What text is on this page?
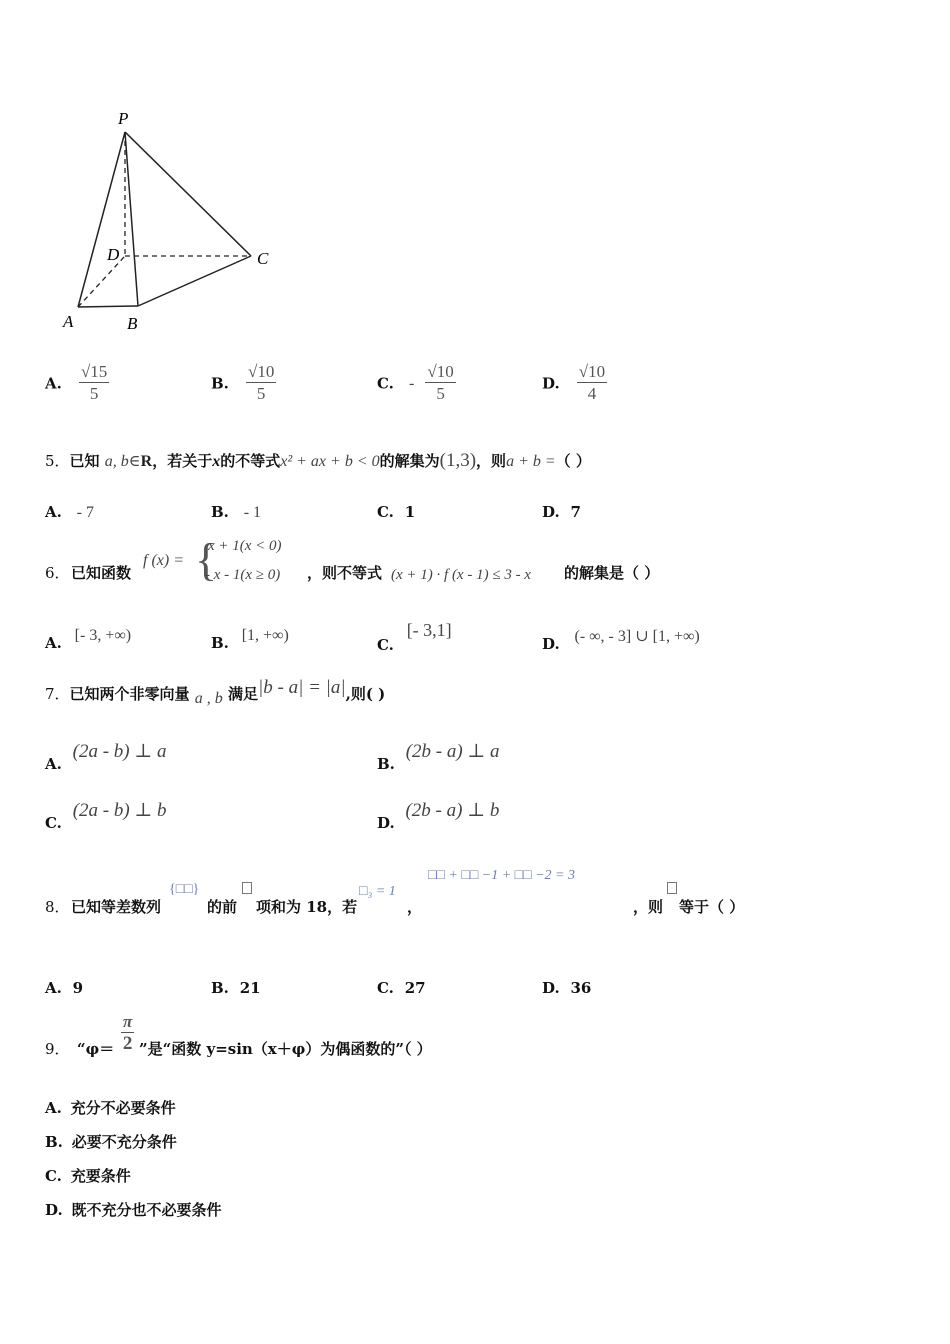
P
D	C
A	B
A. $\frac{√15}{5}$	B. $\frac{√10}{5}$	C. - $\frac{√10}{5}$	D. $\frac{√10}{4}$
5．已知 a, b∈R，若关于x的不等式x² + ax + b < 0的解集为(1,3)，则a + b =（ ）
A. - 7	B. - 1	C. 1	D. 7
6． 已知函数
f (x) = {
x + 1(x < 0)
- x - 1(x ≥ 0) ，则不等式 (x + 1) · f (x - 1) ≤ 3 - x 的解集是（ ）
A. [- 3, +∞)	B. [1, +∞)
C. [- 3,1]
D. (- ∞, - 3] ∪ [1, +∞)
7．已知两个非零向量 a , b 满足|b - a| = |a|,则( )
A. (2a - b) ⊥ a
B. (2b - a) ⊥ a
C. (2a - b) ⊥ b
D. (2b - a) ⊥ b
8． 已知等差数列
{□□}
的前 项和为 18，若
□₃ = 1
，
□□ + □□ −1 + □□ −2 = 3
，则 等于（ ）
A. 9	B. 21	C. 27	D. 36
9． “$\varphi= \frac{\pi}{2}$ ”是“函数 y=sin（x＋φ）为偶函数的”（ ）
A. 充分不必要条件
B. 必要不充分条件
C. 充要条件
D. 既不充分也不必要条件
